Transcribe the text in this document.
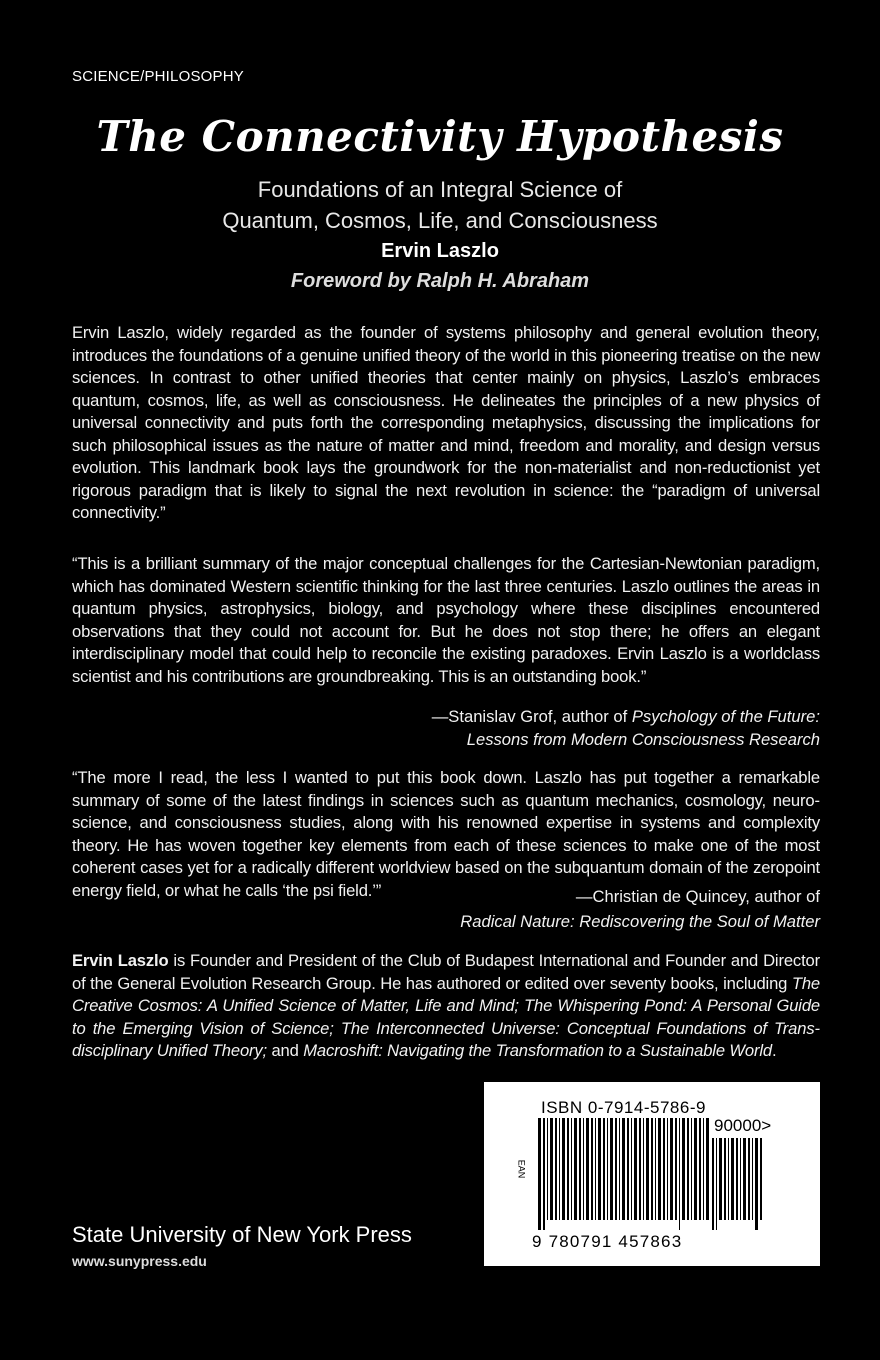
SCIENCE/PHILOSOPHY
The Connectivity Hypothesis
Foundations of an Integral Science of
Quantum, Cosmos, Life, and Consciousness
Ervin Laszlo
Foreword by Ralph H. Abraham

Ervin Laszlo, widely regarded as the founder of systems philosophy and general evolution theory, introduces the foundations of a genuine unified theory of the world in this pioneering treatise on the new sciences. In contrast to other unified theories that center mainly on physics, Laszlo’s embraces quantum, cosmos, life, as well as consciousness. He delineates the principles of a new physics of universal connectivity and puts forth the corresponding metaphysics, discussing the implications for such philosophical issues as the nature of matter and mind, freedom and morality, and design versus evolution. This landmark book lays the groundwork for the non-materialist and non-reductionist yet rigorous paradigm that is likely to signal the next revolution in science: the “paradigm of universal connectivity.”

“This is a brilliant summary of the major conceptual challenges for the Cartesian-Newtonian paradigm, which has dominated Western scientific thinking for the last three centuries. Laszlo outlines the areas in quantum physics, astrophysics, biology, and psychology where these disciplines encountered observations that they could not account for. But he does not stop there; he offers an elegant interdisciplinary model that could help to reconcile the existing paradoxes. Ervin Laszlo is a worldclass scientist and his contributions are groundbreaking. This is an outstanding book.”

—Stanislav Grof, author of Psychology of the Future:
Lessons from Modern Consciousness Research

“The more I read, the less I wanted to put this book down. Laszlo has put together a remarkable summary of some of the latest findings in sciences such as quantum mechanics, cosmology, neuroscience, and consciousness studies, along with his renowned expertise in systems and complexity theory. He has woven together key elements from each of these sciences to make one of the most coherent cases yet for a radically different worldview based on the subquantum domain of the zeropoint energy field, or what he calls ‘the psi field.’”	—Christian de Quincey, author of
Radical Nature: Rediscovering the Soul of Matter

Ervin Laszlo is Founder and President of the Club of Budapest International and Founder and Director of the General Evolution Research Group. He has authored or edited over seventy books, including The Creative Cosmos: A Unified Science of Matter, Life and Mind; The Whispering Pond: A Personal Guide to the Emerging Vision of Science; The Interconnected Universe: Conceptual Foundations of Transdisciplinary Unified Theory; and Macroshift: Navigating the Transformation to a Sustainable World.

State University of New York Press
www.sunypress.edu
ISBN 0-7914-5786-9
90000>
EAN
9 780791 457863
